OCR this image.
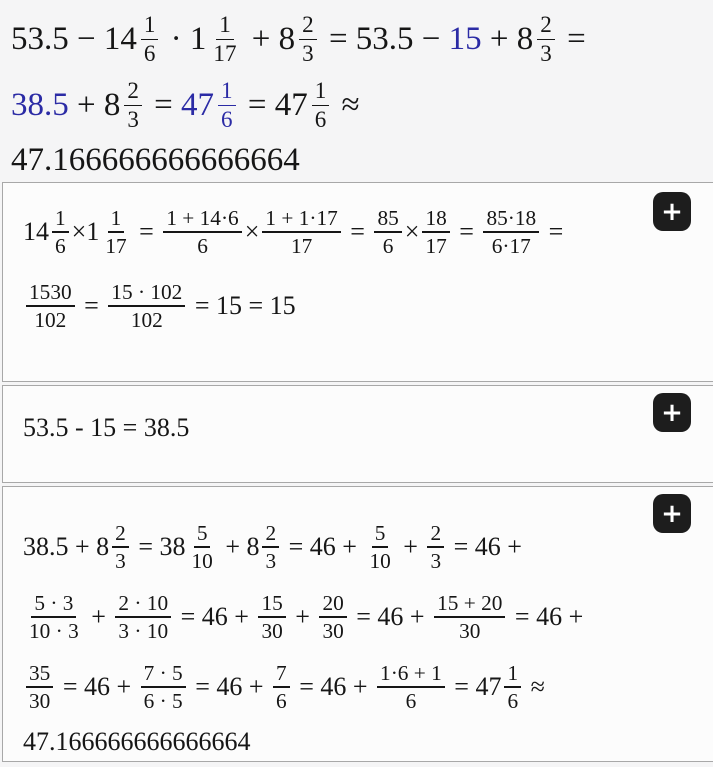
$53.5 - 14 \frac{1}{6} \cdot 1 \frac{1}{17} + 8 \frac{2}{3} = 53.5 - 15 + 8 \frac{2}{3}$ =
$38.5 + 8 \frac{2}{3} = 47 \frac{1}{6} = 47 \frac{1}{6}$ ≈
47.166666666666664
+
$14 \frac{1}{6} \times 1 \frac{1}{17} = \frac{1 + 14\cdot 6}{6} \times \frac{1 + 1\cdot 17}{17} = \frac{85}{6} \times \frac{18}{17} = \frac{85\cdot 18}{6\cdot 17}$ =
$\frac{1530}{102} = \frac{15 \cdot 102}{102} = 15 = 15$
+
53.5 - 15 = 38.5
+
$38.5 + 8 \frac{2}{3} = 38 \frac{5}{10} + 8 \frac{2}{3} = 46 + \frac{5}{10} + \frac{2}{3} = 46$ +
$\frac{5 \cdot 3}{10 \cdot 3} + \frac{2 \cdot 10}{3 \cdot 10} = 46 + \frac{15}{30} + \frac{20}{30} = 46 + \frac{15 + 20}{30} = 46$ +
$\frac{35}{30} = 46 + \frac{7 \cdot 5}{6 \cdot 5} = 46 + \frac{7}{6} = 46 + \frac{1\cdot 6 + 1}{6} = 47 \frac{1}{6}$ ≈
47.166666666666664
